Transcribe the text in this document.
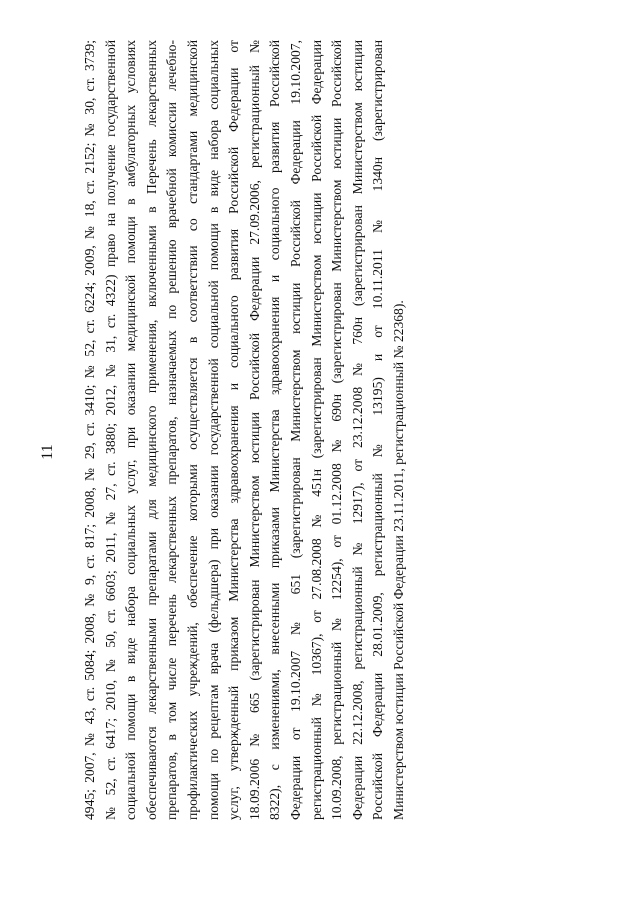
11 4945; 2007, № 43, ст. 5084; 2008, № 9, ст. 817; 2008, № 29, ст. 3410; № 52, ст. 6224; 2009, № 18, ст. 2152; № 30, ст. 3739; № 52, ст. 6417; 2010, № 50, ст. 6603; 2011, № 27, ст. 3880; 2012, № 31, ст. 4322) право на получение государственной социальной помощи в виде набора социальных услуг, при оказании медицинской помощи в амбулаторных условиях обеспечиваются лекарственными препаратами для медицинского применения, включенными в Перечень лекарственных препаратов, в том числе перечень лекарственных препаратов, назначаемых по решению врачебной комиссии лечебно- профилактических учреждений, обеспечение которыми осуществляется в соответствии со стандартами медицинской помощи по рецептам врача (фельдшера) при оказании государственной социальной помощи в виде набора социальных услуг, утвержденный приказом Министерства здравоохранения и социального развития Российской Федерации от 18.09.2006 № 665 (зарегистрирован Министерством юстиции Российской Федерации 27.09.2006, регистрационный № 8322), с изменениями, внесенными приказами Министерства здравоохранения и социального развития Российской Федерации от 19.10.2007 № 651 (зарегистрирован Министерством юстиции Российской Федерации 19.10.2007, регистрационный № 10367), от 27.08.2008 № 451н (зарегистрирован Министерством юстиции Российской Федерации 10.09.2008, регистрационный № 12254), от 01.12.2008 № 690н (зарегистрирован Министерством юстиции Российской Федерации 22.12.2008, регистрационный № 12917), от 23.12.2008 № 760н (зарегистрирован Министерством юстиции Российской Федерации 28.01.2009, регистрационный № 13195) и от 10.11.2011 № 1340н (зарегистрирован Министерством юстиции Российской Федерации 23.11.2011, регистрационный № 22368).
